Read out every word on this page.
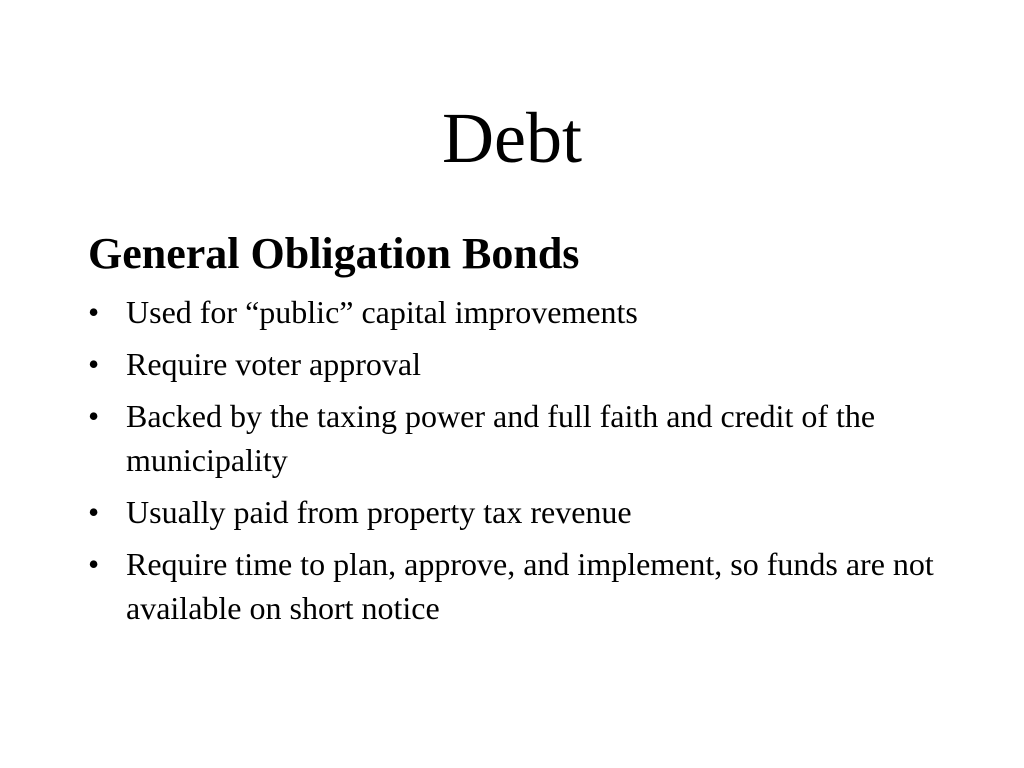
Debt
General Obligation Bonds
• Used for “public” capital improvements
• Require voter approval
• Backed by the taxing power and full faith and credit of the municipality
• Usually paid from property tax revenue
• Require time to plan, approve, and implement, so funds are not available on short notice
